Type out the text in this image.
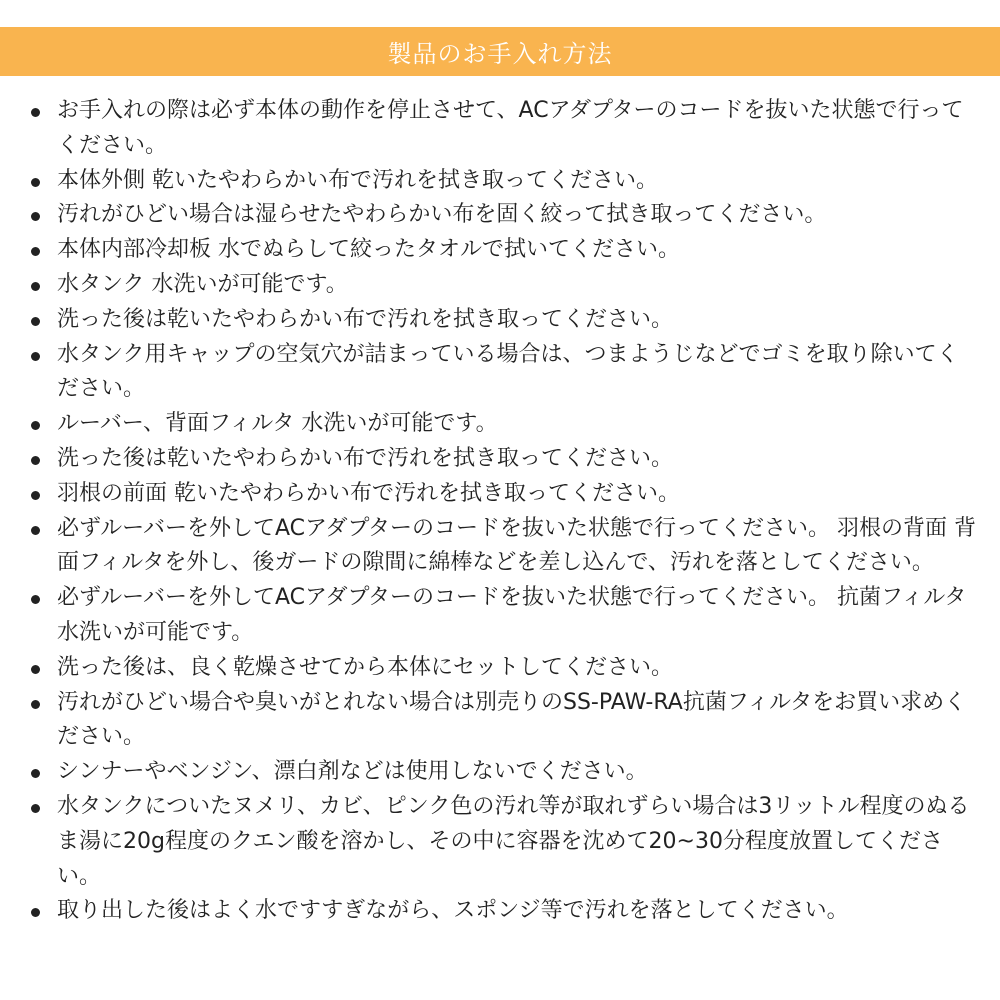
製品のお手入れ方法
お手入れの際は必ず本体の動作を停止させて、ACアダプターのコードを抜いた状態で行ってください。
本体外側 乾いたやわらかい布で汚れを拭き取ってください。
汚れがひどい場合は湿らせたやわらかい布を固く絞って拭き取ってください。
本体内部冷却板 水でぬらして絞ったタオルで拭いてください。
水タンク 水洗いが可能です。
洗った後は乾いたやわらかい布で汚れを拭き取ってください。
水タンク用キャップの空気穴が詰まっている場合は、つまようじなどでゴミを取り除いてください。
ルーバー、背面フィルタ 水洗いが可能です。
洗った後は乾いたやわらかい布で汚れを拭き取ってください。
羽根の前面 乾いたやわらかい布で汚れを拭き取ってください。
必ずルーバーを外してACアダプターのコードを抜いた状態で行ってください。 羽根の背面 背面フィルタを外し、後ガードの隙間に綿棒などを差し込んで、汚れを落としてください。
必ずルーバーを外してACアダプターのコードを抜いた状態で行ってください。 抗菌フィルタ 水洗いが可能です。
洗った後は、良く乾燥させてから本体にセットしてください。
汚れがひどい場合や臭いがとれない場合は別売りのSS-PAW-RA抗菌フィルタをお買い求めください。
シンナーやベンジン、漂白剤などは使用しないでください。
水タンクについたヌメリ、カビ、ピンク色の汚れ等が取れずらい場合は3リットル程度のぬるま湯に20g程度のクエン酸を溶かし、その中に容器を沈めて20~30分程度放置してください。
取り出した後はよく水ですすぎながら、スポンジ等で汚れを落としてください。
